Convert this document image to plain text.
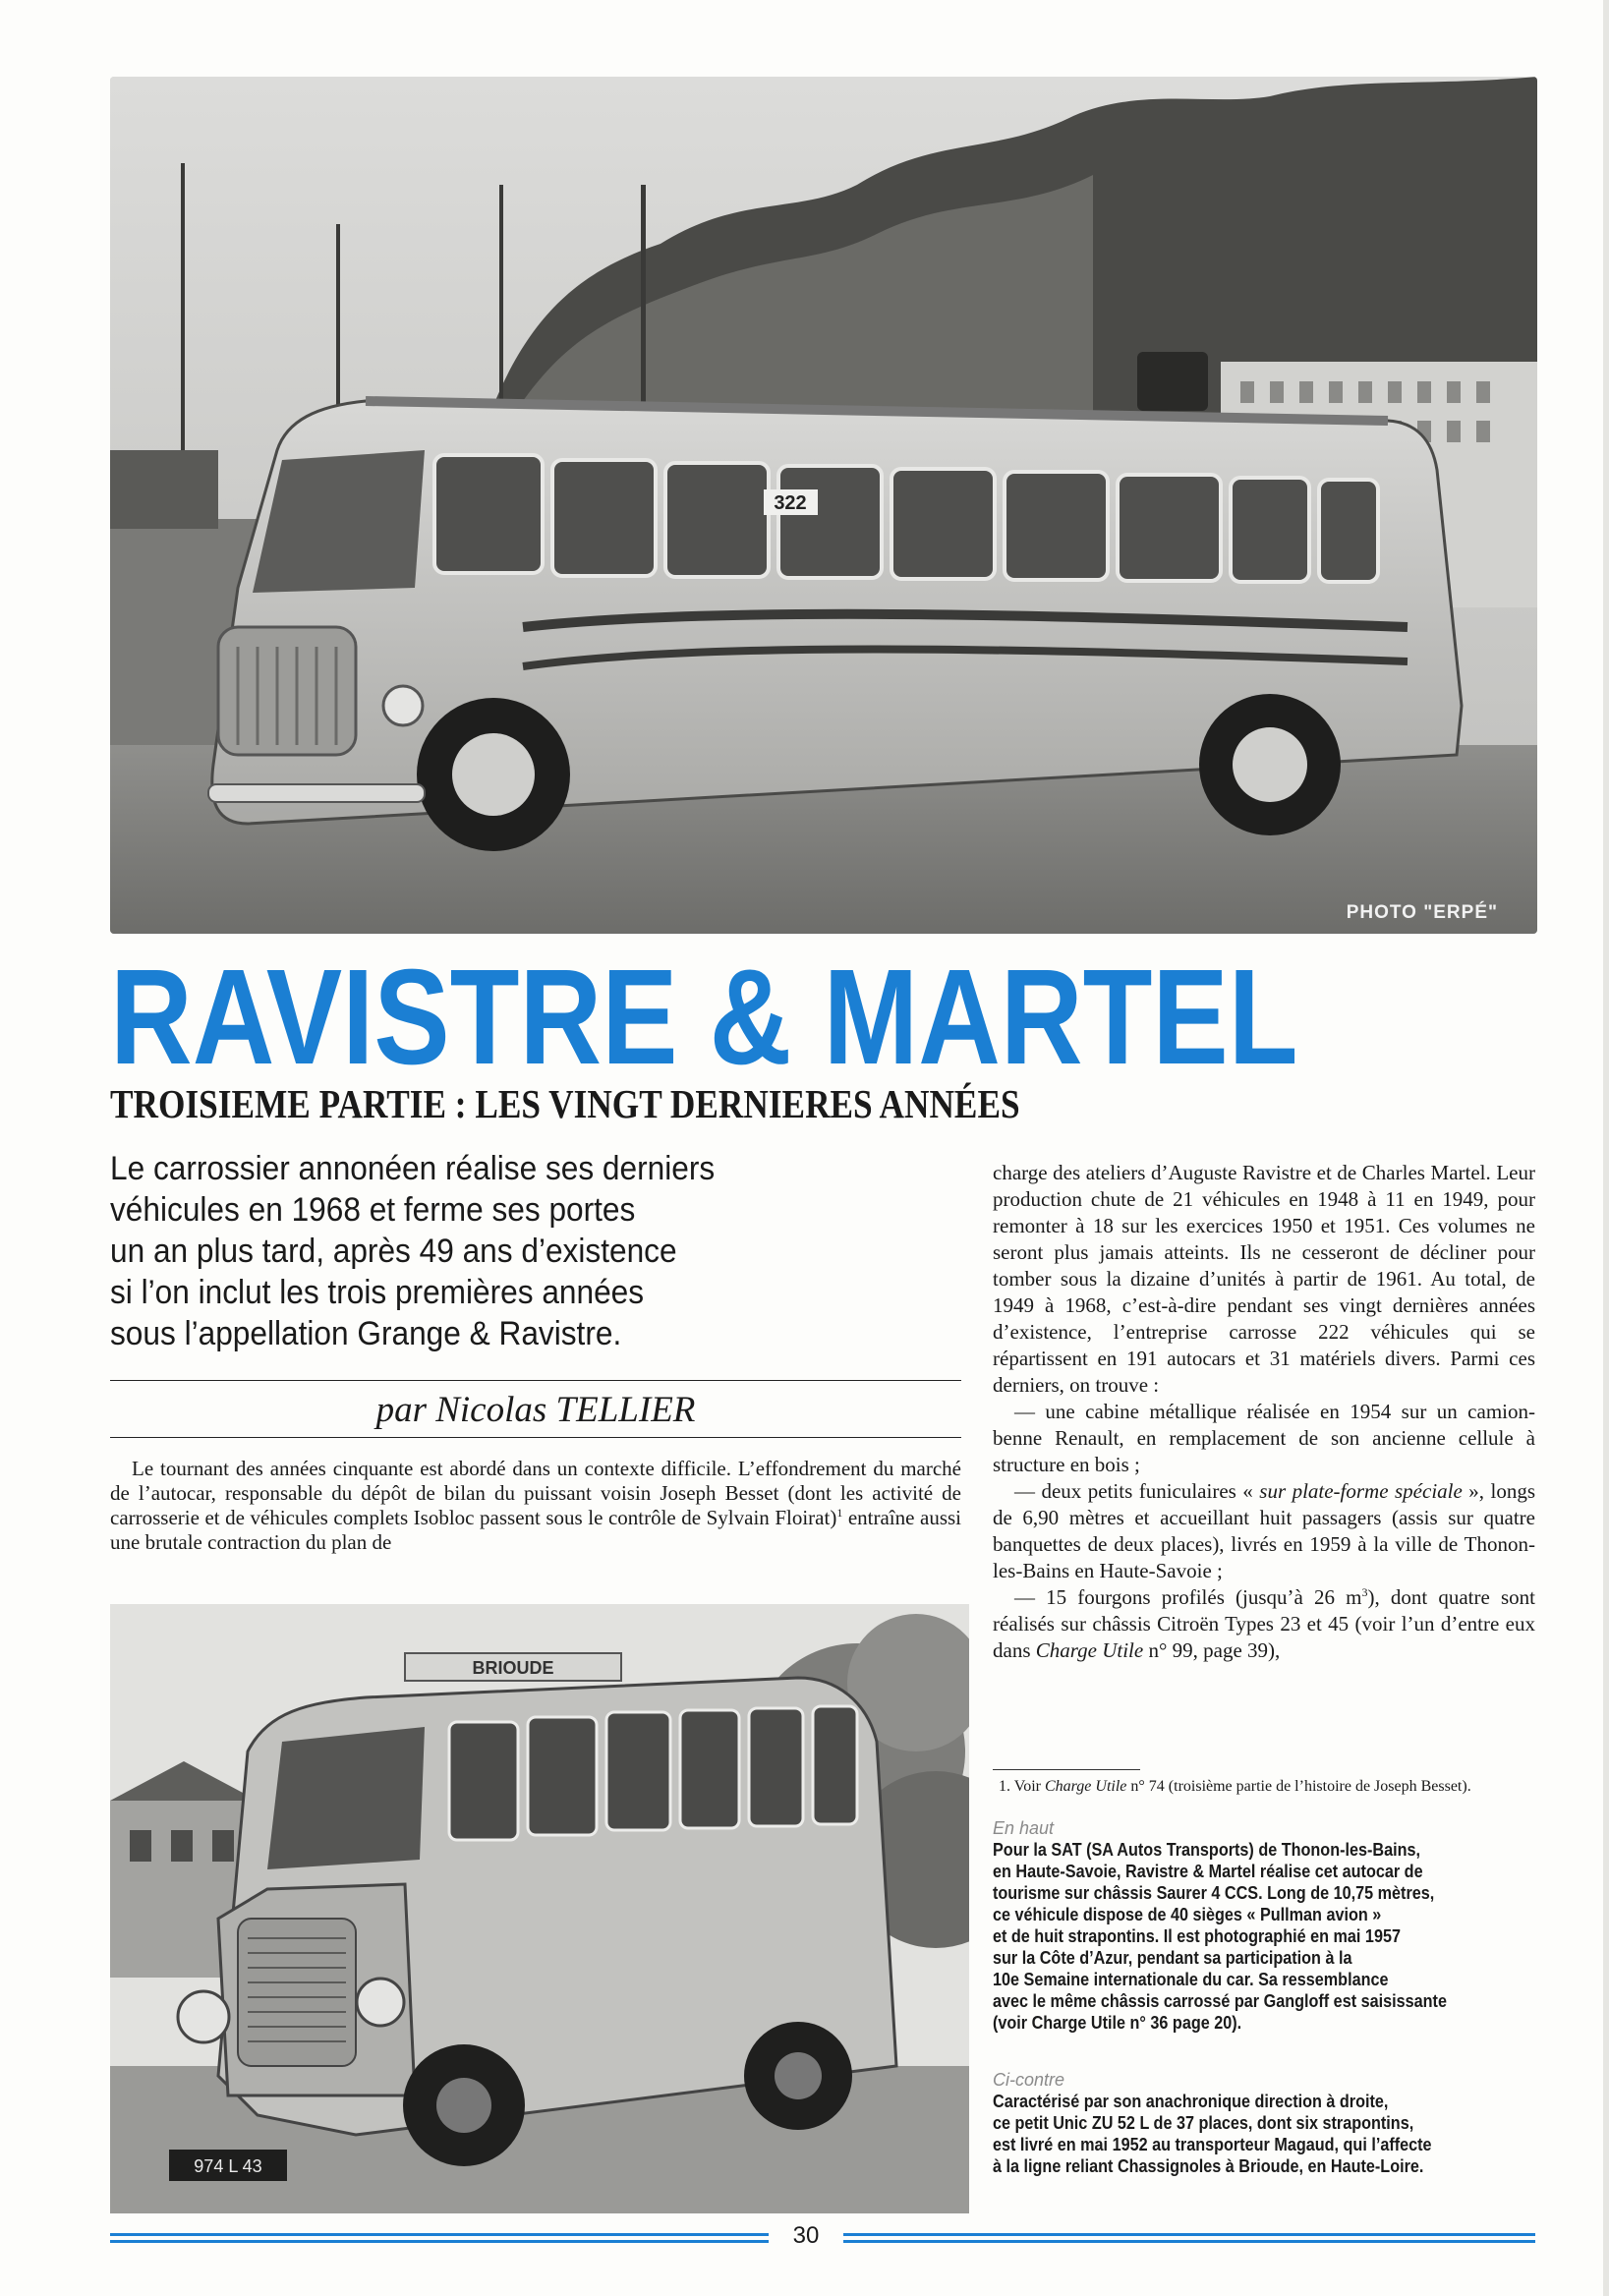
322
PHOTO "ERPÉ"
RAVISTRE & MARTEL
TROISIEME PARTIE : LES VINGT DERNIERES ANNÉES
Le carrossier annonéen réalise ses derniers
véhicules en 1968 et ferme ses portes
un an plus tard, après 49 ans d’existence
si l’on inclut les trois premières années
sous l’appellation Grange & Ravistre.
par Nicolas TELLIER

Le tournant des années cinquante est abordé dans un contexte difficile. L’effondrement du marché de l’autocar, responsable du dépôt de bilan du puissant voisin Joseph Besset (dont les activité de carrosserie et de véhicules complets Isobloc passent sous le contrôle de Sylvain Floirat)$^1$ entraîne aussi une brutale contraction du plan de

charge des ateliers d’Auguste Ravistre et de Charles Martel. Leur production chute de 21 véhicules en 1948 à 11 en 1949, pour remonter à 18 sur les exercices 1950 et 1951. Ces volumes ne seront plus jamais atteints. Ils ne cesseront de décliner pour tomber sous la dizaine d’unités à partir de 1961. Au total, de 1949 à 1968, c’est-à-dire pendant ses vingt dernières années d’existence, l’entreprise carrosse 222 véhicules qui se répartissent en 191 autocars et 31 matériels divers. Parmi ces derniers, on trouve :

— une cabine métallique réalisée en 1954 sur un camion-benne Renault, en remplacement de son ancienne cellule à structure en bois ;

— deux petits funiculaires « sur plate-forme spéciale », longs de 6,90 mètres et accueillant huit passagers (assis sur quatre banquettes de deux places), livrés en 1959 à la ville de Thonon-les-Bains en Haute-Savoie ;

— 15 fourgons profilés (jusqu’à 26 $m^3$), dont quatre sont réalisés sur châssis Citroën Types 23 et 45 (voir l’un d’entre eux dans Charge Utile n° 99, page 39),

1. Voir Charge Utile n° 74 (troisième partie de l’histoire de Joseph Besset).
En haut
Pour la SAT (SA Autos Transports) de Thonon-les-Bains,
en Haute-Savoie, Ravistre & Martel réalise cet autocar de
tourisme sur châssis Saurer 4 CCS. Long de 10,75 mètres,
ce véhicule dispose de 40 sièges « Pullman avion »
et de huit strapontins. Il est photographié en mai 1957
sur la Côte d’Azur, pendant sa participation à la
10e Semaine internationale du car. Sa ressemblance
avec le même châssis carrossé par Gangloff est saisissante
(voir Charge Utile n° 36 page 20).
Ci-contre
Caractérisé par son anachronique direction à droite,
ce petit Unic ZU 52 L de 37 places, dont six strapontins,
est livré en mai 1952 au transporteur Magaud, qui l’affecte
à la ligne reliant Chassignoles à Brioude, en Haute-Loire.
BRIOUDE
974 L 43
30
